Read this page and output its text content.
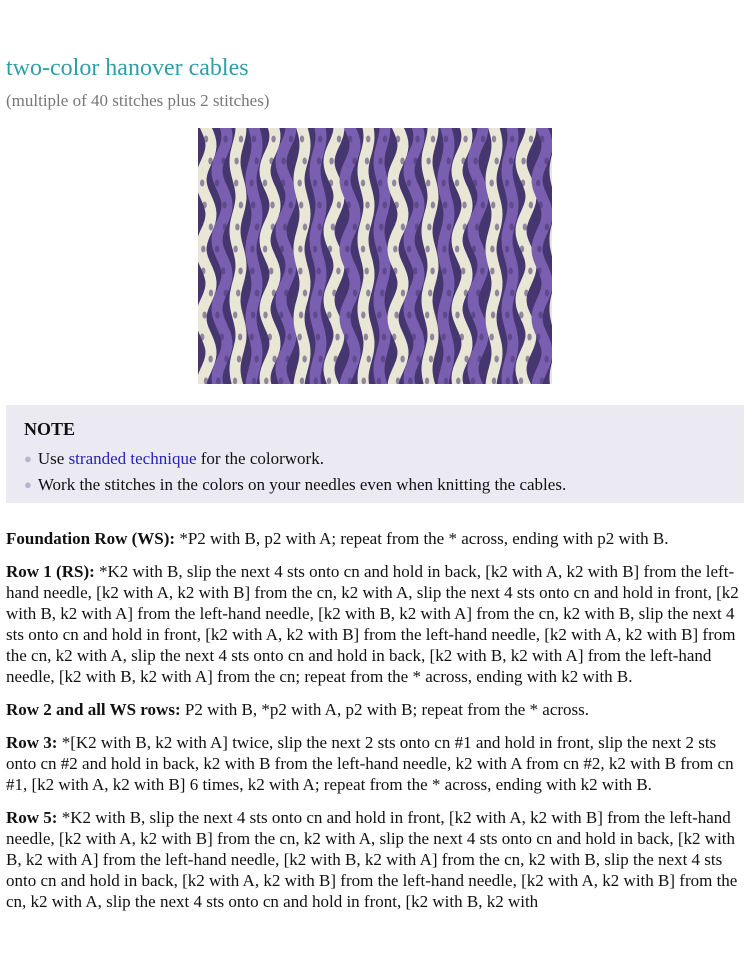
two-color hanover cables

(multiple of 40 stitches plus 2 stitches)

NOTE
● Use stranded technique for the colorwork.
● Work the stitches in the colors on your needles even when knitting the cables.

Foundation Row (WS): *P2 with B, p2 with A; repeat from the * across, ending with p2 with B.

Row 1 (RS): *K2 with B, slip the next 4 sts onto cn and hold in back, [k2 with A, k2 with B] from the left-hand needle, [k2 with A, k2 with B] from the cn, k2 with A, slip the next 4 sts onto cn and hold in front, [k2 with B, k2 with A] from the left-hand needle, [k2 with B, k2 with A] from the cn, k2 with B, slip the next 4 sts onto cn and hold in front, [k2 with A, k2 with B] from the left-hand needle, [k2 with A, k2 with B] from the cn, k2 with A, slip the next 4 sts onto cn and hold in back, [k2 with B, k2 with A] from the left-hand needle, [k2 with B, k2 with A] from the cn; repeat from the * across, ending with k2 with B.

Row 2 and all WS rows: P2 with B, *p2 with A, p2 with B; repeat from the * across.

Row 3: *[K2 with B, k2 with A] twice, slip the next 2 sts onto cn #1 and hold in front, slip the next 2 sts onto cn #2 and hold in back, k2 with B from the left-hand needle, k2 with A from cn #2, k2 with B from cn #1, [k2 with A, k2 with B] 6 times, k2 with A; repeat from the * across, ending with k2 with B.

Row 5: *K2 with B, slip the next 4 sts onto cn and hold in front, [k2 with A, k2 with B] from the left-hand needle, [k2 with A, k2 with B] from the cn, k2 with A, slip the next 4 sts onto cn and hold in back, [k2 with B, k2 with A] from the left-hand needle, [k2 with B, k2 with A] from the cn, k2 with B, slip the next 4 sts onto cn and hold in back, [k2 with A, k2 with B] from the left-hand needle, [k2 with A, k2 with B] from the cn, k2 with A, slip the next 4 sts onto cn and hold in front, [k2 with B, k2 with
